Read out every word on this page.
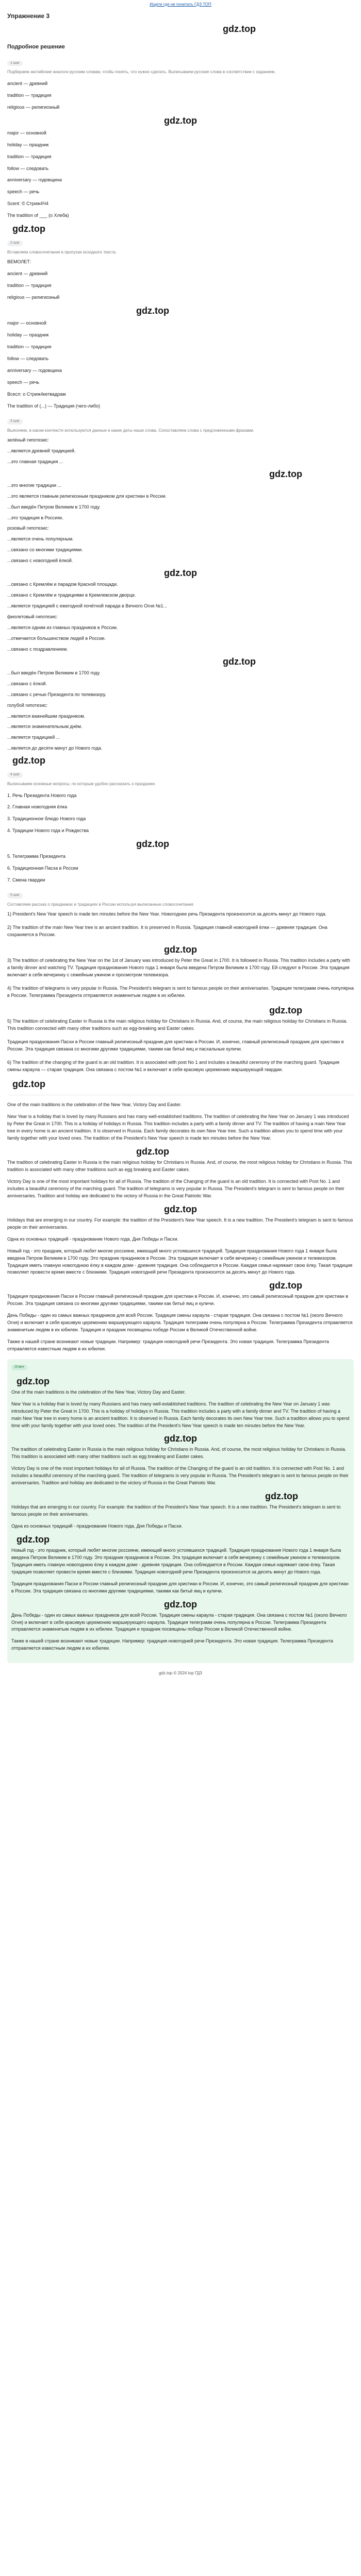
Ищете где не почитать ГДЗ ТОП
Упражнение 3
gdz.top
Подробное решение
1 шаг
Подбираем английские аналоги русским словам, чтобы понять, что нужно сделать. Выписываем русские слова в соответствии с заданием.
ancient — древний
tradition — традиция
religious — религиозный
gdz.top
major — основной
holiday — праздник
tradition — традиция
follow — следовать
anniversary — годовщина
speech — речь
Scent: © Стриж4Ч4
The tradition of ___ (о Хлеба)
gdz.top
2 шаг
Вставляем словосочетания в пропуски исходного текста.
ВЕМОЛЕТ:
ancient — древний
tradition — традиция
religious — религиозный
gdz.top
major — основной
holiday — праздник
tradition — традиция
follow — следовать
anniversary — годовщина
speech — речь
Всесл: о Стриж4кетвадрам
The tradition of (...) — Традиция (чего-либо)
3 шаг
Выясняем, в каком контексте используются данные и какие даты наши слова. Сопоставляем слова с предложенными фразами.
зелёный гипотезис:
...является древней традицией.
...это главная традиция ...
gdz.top
...это многие традиции ...
...это является главным религиозным праздником для христиан в России.
...был введён Петром Великим в 1700 году.
...это традиция в Россиях.
розовый гипотезис:
...является очень популярным.
...связано со многими традициями.
...связано с новогодней ёлкой.
gdz.top
...связано с Кремлём и парадом Красной площади.
...связано с Кремлём и традициями в Кремлевском дворце.
...является традицией с ежегодной почётной парада в Вечного Огня №1...
фиолетовый гипотезис:
...является одним из главных праздников в России.
...отмечается большинством людей в России.
...связано с поздравлением.
gdz.top
...был введён Петром Великим в 1700 году.
...связано с ёлкой.
...связано с речью Президента по телевизору.
голубой гипотезис:
...является важнейшим праздником.
...является знаменательным днём.
...является традицией ...
...является до десяти минут до Нового года.
gdz.top
4 шаг
Выписываем основные вопросы, по которым удобно рассказать о празднике.
1. Речь Президента Нового года
2. Главная новогодняя ёлка
3. Традиционное блюдо Нового года
4. Традиции Нового года и Рождества
gdz.top
5. Телеграмма Президента
6. Традиционная Пасха в России
7. Смена гвардии
5 шаг
Составляем рассказ о праздниках и традициях в России используя выписанные словосочетания.
1) President's New Year speech is made ten minutes before the New Year. Новогоднее речь Президента произносится за десять минут до Нового года.
2) The tradition of the main New Year tree is an ancient tradition. It is preserved in Russia. Традиция главной новогодней ёлки — древняя традиция. Она сохраняется в России.
gdz.top
3) The tradition of celebrating the New Year on the 1st of January was introduced by Peter the Great in 1700. It is followed in Russia. This tradition includes a party with a family dinner and watching TV. Традиция празднования Нового года 1 января была введена Петром Великим в 1700 году. Ей следуют в России. Эта традиция включает в себя вечеринку с семейным ужином и просмотром телевизора.
4) The tradition of telegrams is very popular in Russia. The President's telegram is sent to famous people on their anniversaries. Традиция телеграмм очень популярна в России. Телеграмма Президента отправляется знаменитым людям в их юбилеи.
gdz.top
5) The tradition of celebrating Easter in Russia is the main religious holiday for Christians in Russia. And, of course, the main religious holiday for Christians in Russia. This tradition connected with many other traditions such as egg-breaking and Easter cakes.
Традиция празднования Пасхи в России главный религиозный праздник для христиан в России. И, конечно, главный религиозный праздник для христиан в России. Эта традиция связана со многими другими традициями, такими как битьё яиц и пасхальные куличи.
6) The tradition of the changing of the guard is an old tradition. It is associated with post No 1 and includes a beautiful ceremony of the marching guard. Традиция смены караула — старая традиция. Она связана с постом №1 и включает в себя красивую церемонию марширующей гвардии.
gdz.top
One of the main traditions is the celebration of the New Year, Victory Day and Easter.
New Year is a holiday that is loved by many Russians and has many well-established traditions. The tradition of celebrating the New Year on January 1 was introduced by Peter the Great in 1700. This is a holiday of holidays in Russia. This tradition includes a party with a family dinner and TV. The tradition of having a main New Year tree in every home is an ancient tradition. It is observed in Russia. Each family decorates its own New Year tree. Such a tradition allows you to spend time with your family together with your loved ones. The tradition of the President's New Year speech is made ten minutes before the New Year.
gdz.top
The tradition of celebrating Easter in Russia is the main religious holiday for Christians in Russia. And, of course, the most religious holiday for Christians in Russia. This tradition is associated with many other traditions such as egg breaking and Easter cakes.
Victory Day is one of the most important holidays for all of Russia. The tradition of the Changing of the guard is an old tradition. It is connected with Post No. 1 and includes a beautiful ceremony of the marching guard. The tradition of telegrams is very popular in Russia. The President's telegram is sent to famous people on their anniversaries. Tradition and holiday are dedicated to the victory of Russia in the Great Patriotic War.
gdz.top
Holidays that are emerging in our country. For example: the tradition of the President's New Year speech. It is a new tradition. The President's telegram is sent to famous people on their anniversaries.
Одна из основных традиций - празднование Нового года, Дня Победы и Пасхи.
Новый год - это праздник, который любят многие россияне, имеющий много устоявшихся традиций. Традиция празднования Нового года 1 января была введена Петром Великим в 1700 году. Это праздник праздников в России. Эта традиция включает в себя вечеринку с семейным ужином и телевизором. Традиция иметь главную новогоднюю ёлку в каждом доме - древняя традиция. Она соблюдается в России. Каждая семья наряжает свою ёлку. Такая традиция позволяет провести время вместе с близкими. Традиция новогодней речи Президента произносится за десять минут до Нового года.
gdz.top
Традиция празднования Пасхи в России главный религиозный праздник для христиан в России. И, конечно, это самый религиозный праздник для христиан в России. Эта традиция связана со многими другими традициями, такими как битьё яиц и куличи.
День Победы - один из самых важных праздников для всей России. Традиция смены караула - старая традиция. Она связана с постом №1 (около Вечного Огня) и включает в себя красивую церемонию марширующего караула. Традиция телеграмм очень популярна в России. Телеграмма Президента отправляется знаменитым людям в их юбилеи. Традиция и праздник посвящены победе России в Великой Отечественной войне.
Также в нашей стране возникают новые традиции. Например: традиция новогодней речи Президента. Это новая традиция. Телеграмма Президента отправляется известным людям в их юбилеи.
Ответ
gdz.top
One of the main traditions is the celebration of the New Year, Victory Day and Easter.
New Year is a holiday that is loved by many Russians and has many well-established traditions. The tradition of celebrating the New Year on January 1 was introduced by Peter the Great in 1700. This is a holiday of holidays in Russia. This tradition includes a party with a family dinner and TV. The tradition of having a main New Year tree in every home is an ancient tradition. It is observed in Russia. Each family decorates its own New Year tree. Such a tradition allows you to spend time with your family together with your loved ones. The tradition of the President's New Year speech is made ten minutes before the New Year.
gdz.top
The tradition of celebrating Easter in Russia is the main religious holiday for Christians in Russia. And, of course, the most religious holiday for Christians in Russia. This tradition is associated with many other traditions such as egg breaking and Easter cakes.
Victory Day is one of the most important holidays for all of Russia. The tradition of the Changing of the guard is an old tradition. It is connected with Post No. 1 and includes a beautiful ceremony of the marching guard. The tradition of telegrams is very popular in Russia. The President's telegram is sent to famous people on their anniversaries. Tradition and holiday are dedicated to the victory of Russia in the Great Patriotic War.
gdz.top
Holidays that are emerging in our country. For example: the tradition of the President's New Year speech. It is a new tradition. The President's telegram is sent to famous people on their anniversaries.
Одна из основных традиций - празднование Нового года, Дня Победы и Пасхи.
gdz.top
Новый год - это праздник, который любят многие россияне, имеющий много устоявшихся традиций. Традиция празднования Нового года 1 января была введена Петром Великим в 1700 году. Это праздник праздников в России. Эта традиция включает в себя вечеринку с семейным ужином и телевизором. Традиция иметь главную новогоднюю ёлку в каждом доме - древняя традиция. Она соблюдается в России. Каждая семья наряжает свою ёлку. Такая традиция позволяет провести время вместе с близкими. Традиция новогодней речи Президента произносится за десять минут до Нового года.
Традиция празднования Пасхи в России главный религиозный праздник для христиан в России. И, конечно, это самый религиозный праздник для христиан в России. Эта традиция связана со многими другими традициями, такими как битьё яиц и куличи.
gdz.top
День Победы - один из самых важных праздников для всей России. Традиция смены караула - старая традиция. Она связана с постом №1 (около Вечного Огня) и включает в себя красивую церемонию марширующего караула. Традиция телеграмм очень популярна в России. Телеграмма Президента отправляется знаменитым людям в их юбилеи. Традиция и праздник посвящены победе России в Великой Отечественной войне.
Также в нашей стране возникают новые традиции. Например: традиция новогодней речи Президента. Это новая традиция. Телеграмма Президента отправляется известным людям в их юбилеи.
gdz.top © 2024 top ГДЗ
